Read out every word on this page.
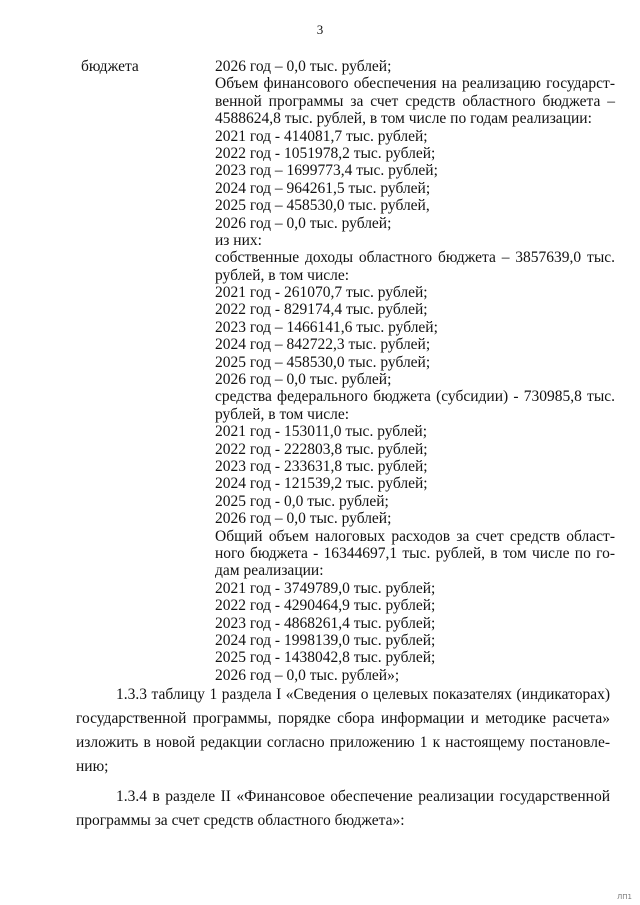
3
бюджета	2026 год – 0,0 тыс. рублей;
Объем финансового обеспечения на реализацию государст-
венной программы за счет средств областного бюджета –
4588624,8 тыс. рублей, в том числе по годам реализации:
2021 год - 414081,7 тыс. рублей;
2022 год - 1051978,2 тыс. рублей;
2023 год – 1699773,4 тыс. рублей;
2024 год – 964261,5 тыс. рублей;
2025 год – 458530,0 тыс. рублей,
2026 год – 0,0 тыс. рублей;
из них:
собственные доходы областного бюджета – 3857639,0 тыс.
рублей, в том числе:
2021 год - 261070,7 тыс. рублей;
2022 год - 829174,4 тыс. рублей;
2023 год – 1466141,6 тыс. рублей;
2024 год – 842722,3 тыс. рублей;
2025 год – 458530,0 тыс. рублей;
2026 год – 0,0 тыс. рублей;
средства федерального бюджета (субсидии) - 730985,8 тыс.
рублей, в том числе:
2021 год - 153011,0 тыс. рублей;
2022 год - 222803,8 тыс. рублей;
2023 год - 233631,8 тыс. рублей;
2024 год - 121539,2 тыс. рублей;
2025 год - 0,0 тыс. рублей;
2026 год – 0,0 тыс. рублей;
Общий объем налоговых расходов за счет средств област-
ного бюджета - 16344697,1 тыс. рублей, в том числе по го-
дам реализации:
2021 год - 3749789,0 тыс. рублей;
2022 год - 4290464,9 тыс. рублей;
2023 год - 4868261,4 тыс. рублей;
2024 год - 1998139,0 тыс. рублей;
2025 год - 1438042,8 тыс. рублей;
2026 год – 0,0 тыс. рублей»;
1.3.3 таблицу 1 раздела I «Сведения о целевых показателях (индикаторах)
государственной программы, порядке сбора информации и методике расчета»
изложить в новой редакции согласно приложению 1 к настоящему постановле-
нию;
1.3.4 в разделе II «Финансовое обеспечение реализации государственной
программы за счет средств областного бюджета»:
ЛП1
